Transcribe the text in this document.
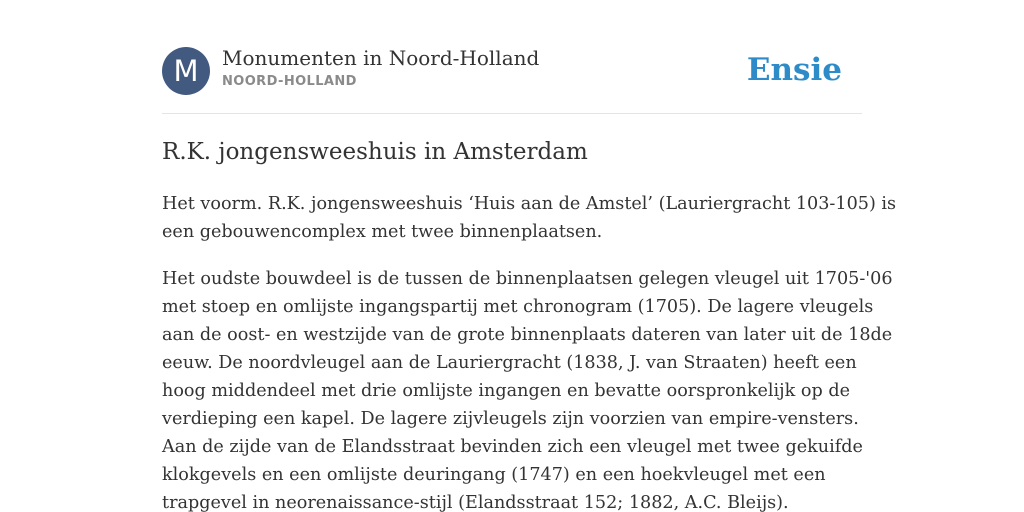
M	Monumenten in Noord-Holland
NOORD-HOLLAND	Ensie
R.K. jongensweeshuis in Amsterdam
Het voorm. R.K. jongensweeshuis ‘Huis aan de Amstel’ (Lauriergracht 103-105) is
een gebouwencomplex met twee binnenplaatsen.
Het oudste bouwdeel is de tussen de binnenplaatsen gelegen vleugel uit 1705-'06
met stoep en omlijste ingangspartij met chronogram (1705). De lagere vleugels
aan de oost- en westzijde van de grote binnenplaats dateren van later uit de 18de
eeuw. De noordvleugel aan de Lauriergracht (1838, J. van Straaten) heeft een
hoog middendeel met drie omlijste ingangen en bevatte oorspronkelijk op de
verdieping een kapel. De lagere zijvleugels zijn voorzien van empire-vensters.
Aan de zijde van de Elandsstraat bevinden zich een vleugel met twee gekuifde
klokgevels en een omlijste deuringang (1747) en een hoekvleugel met een
trapgevel in neorenaissance-stijl (Elandsstraat 152; 1882, A.C. Bleijs).
